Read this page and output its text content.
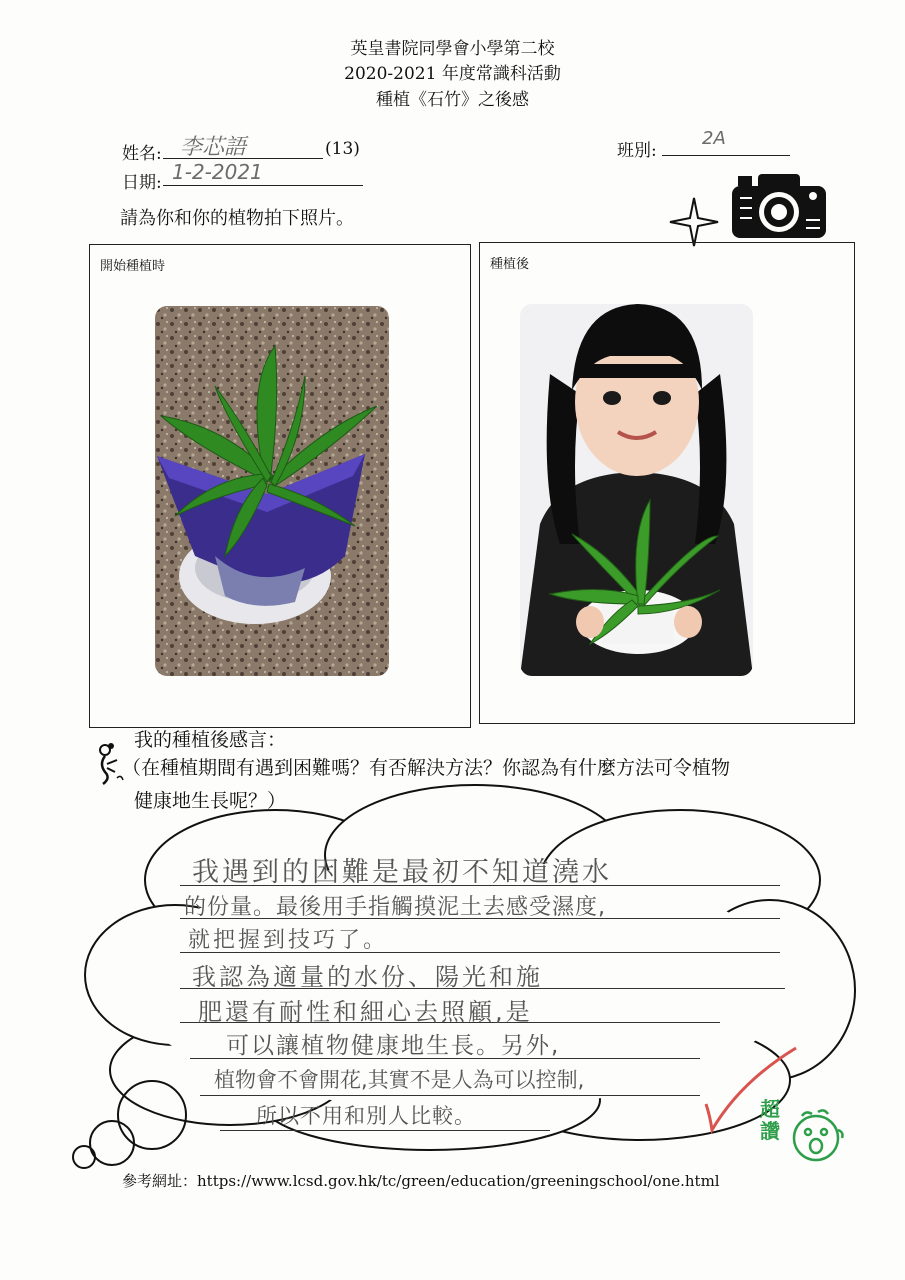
英皇書院同學會小學第二校
2020-2021 年度常識科活動
種植《石竹》之後感
姓名: 李芯語	(13)	班別:
2A
日期: 1-2-2021
請為你和你的植物拍下照片。
開始種植時	種植後
我的種植後感言：
（在種植期間有遇到困難嗎？有否解決方法？你認為有什麼方法可令植物
健康地生長呢？）
我遇到的困難是最初不知道澆水
的份量。最後用手指觸摸泥土去感受濕度,
就把握到技巧了。
我認為適量的水份、陽光和施
肥還有耐性和細心去照顧,是
可以讓植物健康地生長。另外,
植物會不會開花,其實不是人為可以控制,
所以不用和別人比較。	超讚
參考網址：https://www.lcsd.gov.hk/tc/green/education/greeningschool/one.html
